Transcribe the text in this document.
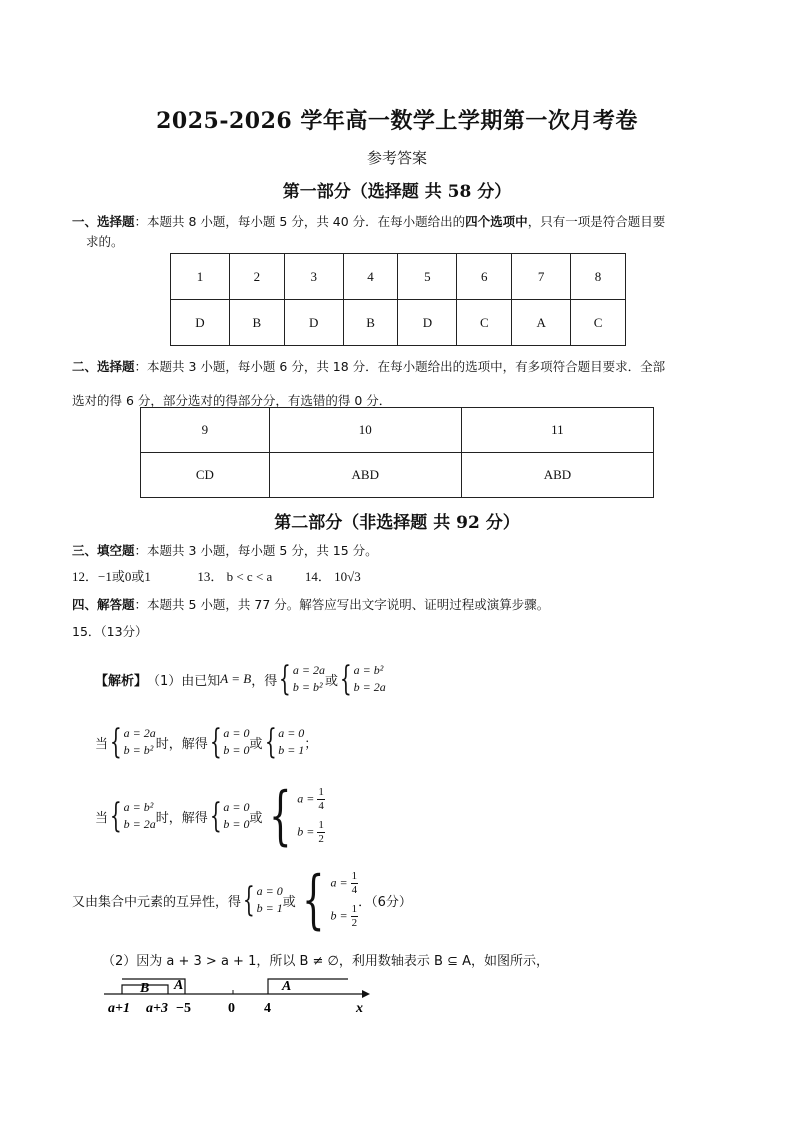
2025-2026 学年高一数学上学期第一次月考卷
参考答案
第一部分（选择题 共 58 分）
一、选择题：本题共 8 小题，每小题 5 分，共 40 分．在每小题给出的四个选项中，只有一项是符合题目要
求的。
1	2	3	4	5	6	7	8
D	B	D	B	D	C	A	C
二、选择题：本题共 3 小题，每小题 6 分，共 18 分．在每小题给出的选项中，有多项符合题目要求．全部
选对的得 6 分，部分选对的得部分分，有选错的得 0 分．
9	10	11
CD	ABD	ABD
第二部分（非选择题 共 92 分）
三、填空题：本题共 3 小题，每小题 5 分，共 15 分。
12．−1或0或1	13． b < c < a	14． 10√3
四、解答题：本题共 5 小题，共 77 分。解答应写出文字说明、证明过程或演算步骤。
15．（13分）
【解析】 （1）由已知 A = B ，得 { a = 2a
b = b² 或 { a = b²
b = 2a
当 { a = 2a
b = b² 时，解得 { a = 0
b = 0 或 { a = 0
b = 1 ；
当 { a = b²
b = 2a 时，解得 { a = 0
b = 0 或 { $a = \frac{1}{4}$
$b = \frac{1}{2}$
又由集合中元素的互异性，得 { a = 0
b = 1 或 { $a = \frac{1}{4}$
$b = \frac{1}{2}$
．（6分）
（2）因为 a + 3 > a + 1，所以 B ≠ ∅，利用数轴表示 B ⊆ A，如图所示，
B A	A
a+1 a+3 −5	0 4	x
